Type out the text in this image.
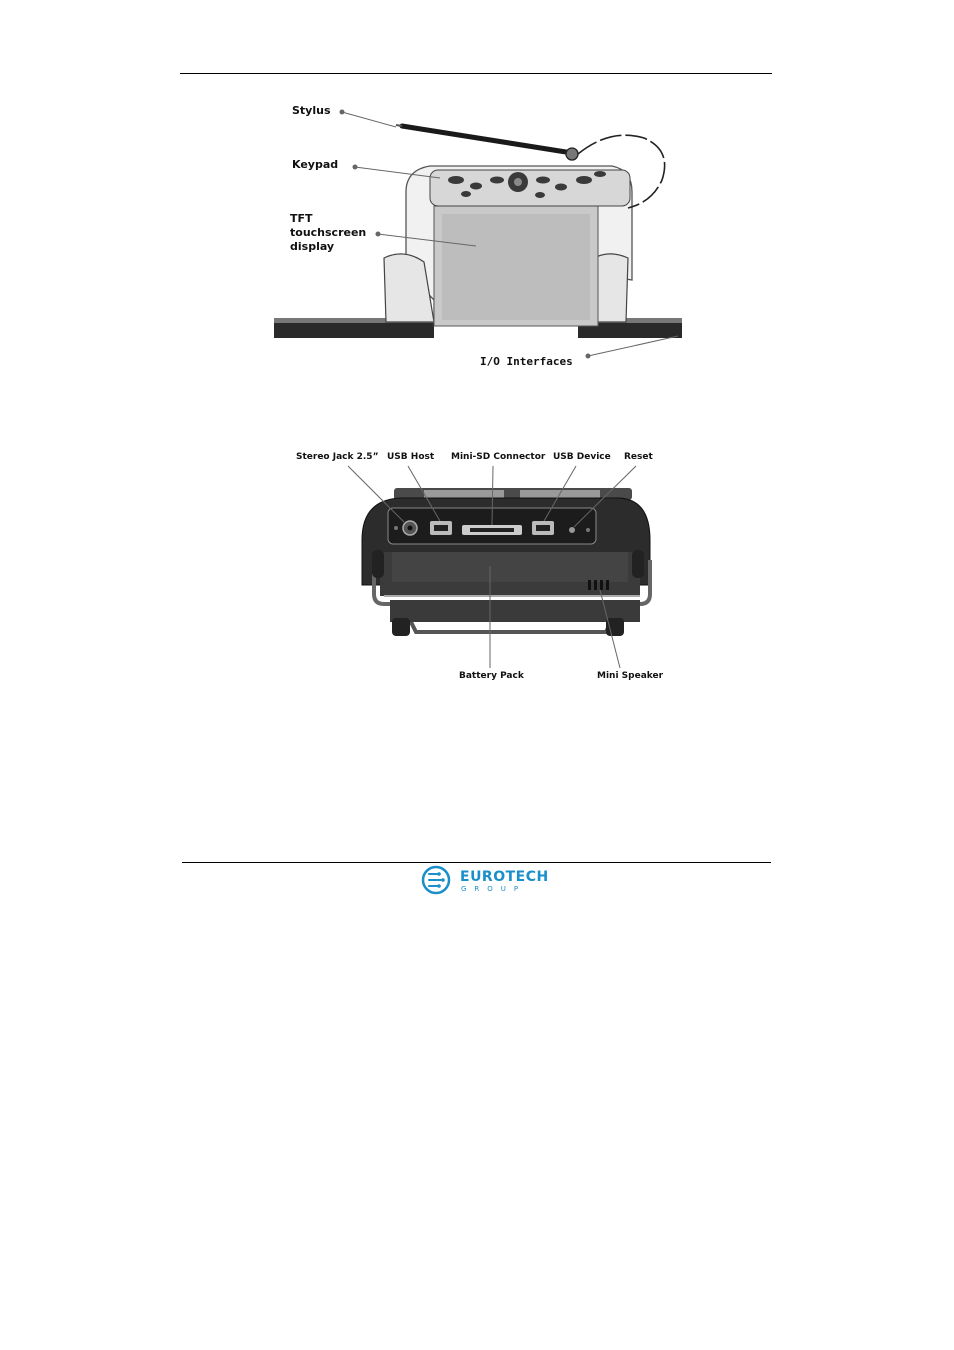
Stylus
Keypad
TFT
touchscreen
display
I/O Interfaces
Stereo Jack 2.5” USB Host Mini-SD Connector USB Device Reset
Battery Pack	Mini Speaker
EUROTECH
GROUP
